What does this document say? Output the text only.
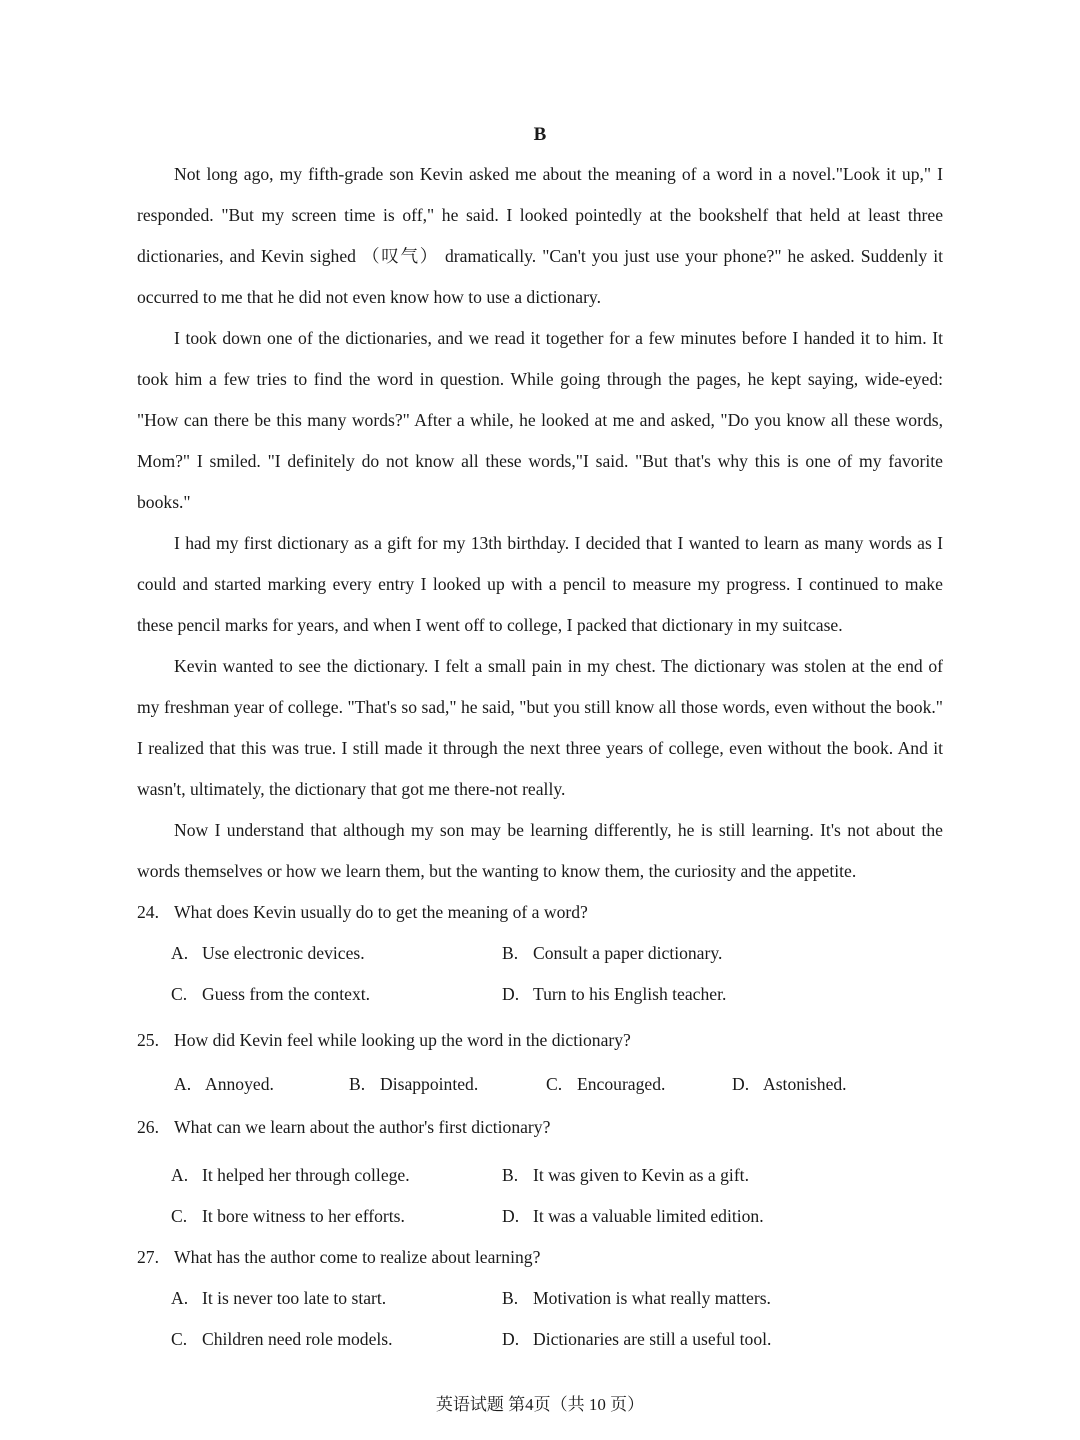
B

Not long ago, my fifth-grade son Kevin asked me about the meaning of a word in a novel."Look it up," I responded. "But my screen time is off," he said. I looked pointedly at the bookshelf that held at least three dictionaries, and Kevin sighed （叹气） dramatically. "Can't you just use your phone?" he asked. Suddenly it occurred to me that he did not even know how to use a dictionary.

I took down one of the dictionaries, and we read it together for a few minutes before I handed it to him. It took him a few tries to find the word in question. While going through the pages, he kept saying, wide-eyed: "How can there be this many words?" After a while, he looked at me and asked, "Do you know all these words, Mom?" I smiled. "I definitely do not know all these words,"I said. "But that's why this is one of my favorite books."

I had my first dictionary as a gift for my 13th birthday. I decided that I wanted to learn as many words as I could and started marking every entry I looked up with a pencil to measure my progress. I continued to make these pencil marks for years, and when I went off to college, I packed that dictionary in my suitcase.

Kevin wanted to see the dictionary. I felt a small pain in my chest. The dictionary was stolen at the end of my freshman year of college. "That's so sad," he said, "but you still know all those words, even without the book." I realized that this was true. I still made it through the next three years of college, even without the book. And it wasn't, ultimately, the dictionary that got me there-not really.

Now I understand that although my son may be learning differently, he is still learning. It's not about the words themselves or how we learn them, but the wanting to know them, the curiosity and the appetite.

24. What does Kevin usually do to get the meaning of a word?
A. Use electronic devices.	B. Consult a paper dictionary.
C. Guess from the context.	D. Turn to his English teacher.
25. How did Kevin feel while looking up the word in the dictionary?
A. Annoyed.	B. Disappointed.	C. Encouraged.	D. Astonished.
26. What can we learn about the author's first dictionary?
A. It helped her through college.	B. It was given to Kevin as a gift.
C. It bore witness to her efforts.	D. It was a valuable limited edition.
27. What has the author come to realize about learning?
A. It is never too late to start.	B. Motivation is what really matters.
C. Children need role models.	D. Dictionaries are still a useful tool.
英语试题 第4页（共 10 页）
